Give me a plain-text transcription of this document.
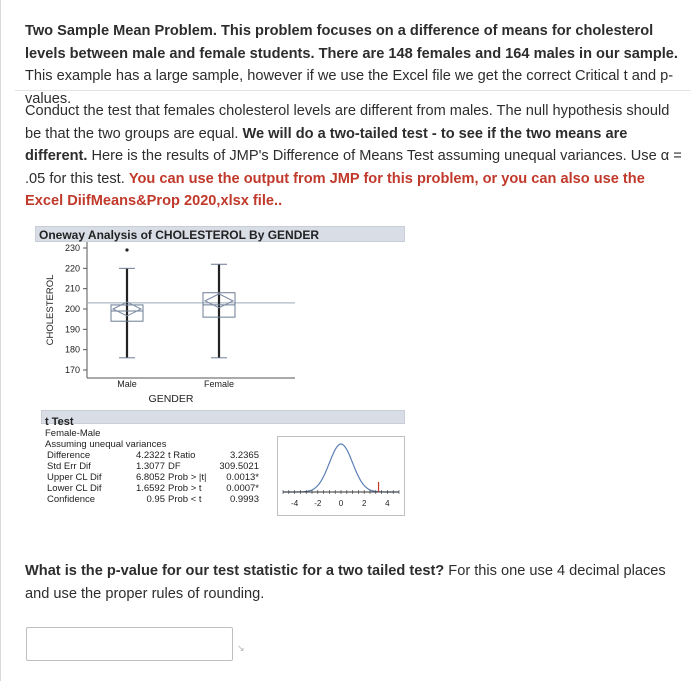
Two Sample Mean Problem. This problem focuses on a difference of means for cholesterol levels between male and female students. There are 148 females and 164 males in our sample. This example has a large sample, however if we use the Excel file we get the correct Critical t and p-values.
Conduct the test that females cholesterol levels are different from males. The null hypothesis should be that the two groups are equal. We will do a two-tailed test - to see if the two means are different. Here is the results of JMP's Difference of Means Test assuming unequal variances. Use α = .05 for this test. You can use the output from JMP for this problem, or you can also use the Excel DiifMeans&Prop 2020,xlsx file..
Oneway Analysis of CHOLESTEROL By GENDER
230
220
210
200
190
180
170
Male	Female
CHOLESTEROL
GENDER
t Test
Female-Male
Assuming unequal variances
Difference	4.2322 t Ratio	3.2365
Std Err Dif	1.3077 DF	309.5021
Upper CL Dif	6.8052 Prob > |t|	0.0013*
Lower CL Dif	1.6592 Prob > t	0.0007*
Confidence	0.95 Prob < t	0.9993	-4 -2 0 2 4
What is the p-value for our test statistic for a two tailed test? For this one use 4 decimal places and use the proper rules of rounding.
↘
